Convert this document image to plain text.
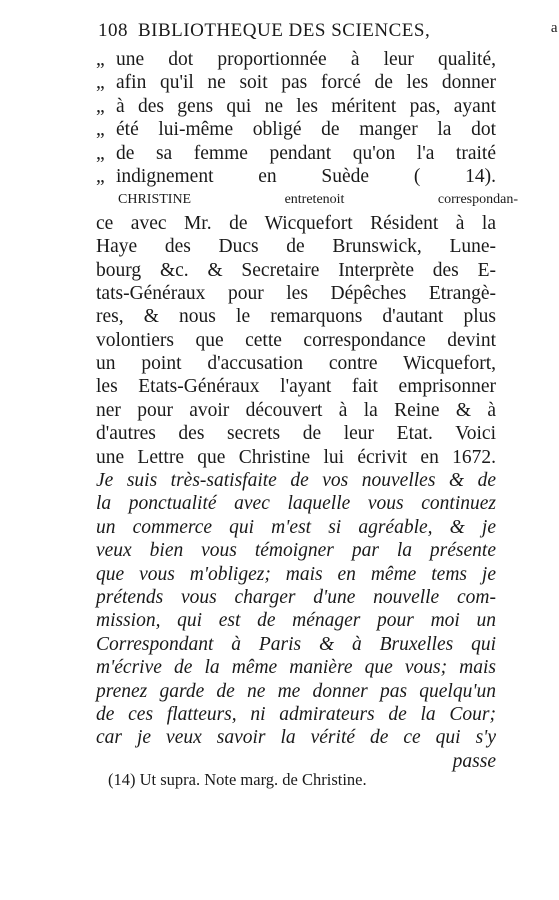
108 BIBLIOTHEQUE DES SCIENCES,	a
„ une dot proportionnée à leur qualité,
„ afin qu'il ne soit pas forcé de les donner
„ à des gens qui ne les méritent pas, ayant
„ été lui-même obligé de manger la dot
„ de sa femme pendant qu'on l'a traité
„ indignement en Suède ( 14).
CHRISTINE entretenoit correspondan-
ce avec Mr. de Wicquefort Résident à la
Haye des Ducs de Brunswick, Lune-
bourg &c. & Secretaire Interprète des E-
tats-Généraux pour les Dépêches Etrangè-
res, & nous le remarquons d'autant plus
volontiers que cette correspondance devint
un point d'accusation contre Wicquefort,
les Etats-Généraux l'ayant fait emprisonner
ner pour avoir découvert à la Reine & à
d'autres des secrets de leur Etat. Voici
une Lettre que Christine lui écrivit en 1672.
Je suis très-satisfaite de vos nouvelles & de
la ponctualité avec laquelle vous continuez
un commerce qui m'est si agréable, & je
veux bien vous témoigner par la présente
que vous m'obligez; mais en même tems je
prétends vous charger d'une nouvelle com-
mission, qui est de ménager pour moi un
Correspondant à Paris & à Bruxelles qui
m'écrive de la même manière que vous; mais
prenez garde de ne me donner pas quelqu'un
de ces flatteurs, ni admirateurs de la Cour;
car je veux savoir la vérité de ce qui s'y
passe
(14) Ut supra. Note marg. de Christine.
